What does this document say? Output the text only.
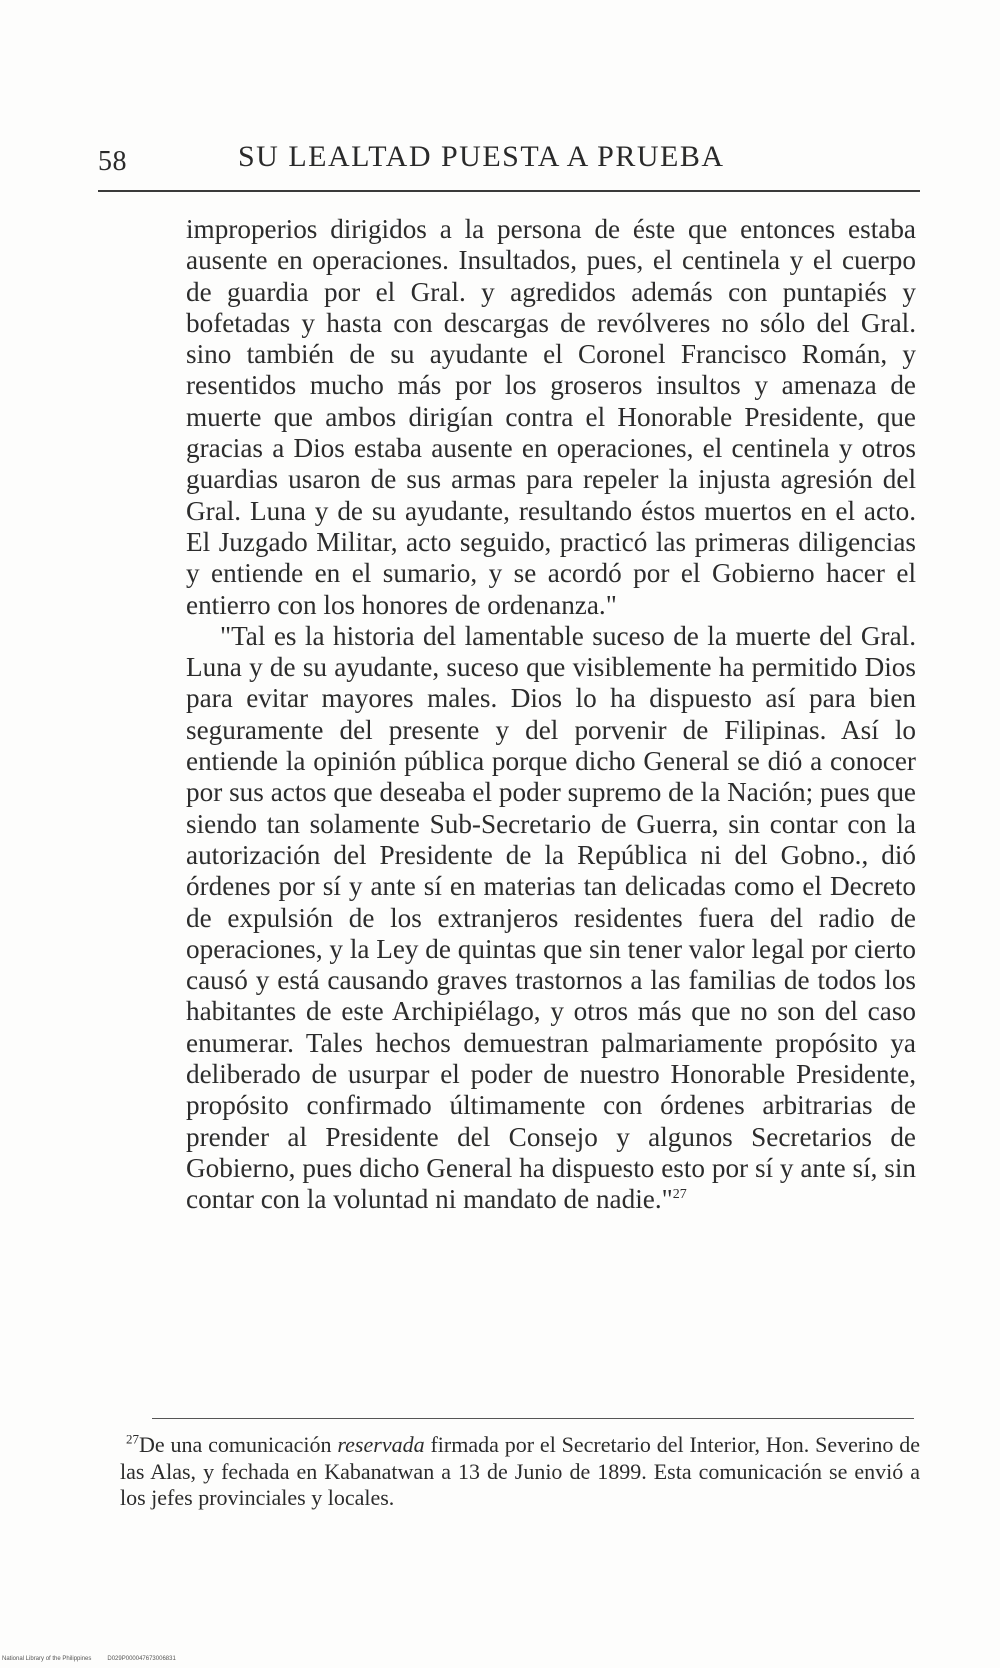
58	SU LEALTAD PUESTA A PRUEBA

improperios dirigidos a la persona de éste que entonces estaba ausente en operaciones. Insultados, pues, el centinela y el cuerpo de guardia por el Gral. y agredidos además con puntapiés y bofetadas y hasta con descargas de revólveres no sólo del Gral. sino también de su ayudante el Coronel Francisco Román, y resentidos mucho más por los groseros insultos y amenaza de muerte que ambos dirigían contra el Honorable Presidente, que gracias a Dios estaba ausente en operaciones, el centinela y otros guardias usaron de sus armas para repeler la injusta agresión del Gral. Luna y de su ayudante, resultando éstos muertos en el acto. El Juzgado Militar, acto seguido, practicó las primeras diligencias y entiende en el sumario, y se acordó por el Gobierno hacer el entierro con los honores de ordenanza."

"Tal es la historia del lamentable suceso de la muerte del Gral. Luna y de su ayudante, suceso que visiblemente ha permitido Dios para evitar mayores males. Dios lo ha dispuesto así para bien seguramente del presente y del porvenir de Filipinas. Así lo entiende la opinión pública porque dicho General se dió a conocer por sus actos que deseaba el poder supremo de la Nación; pues que siendo tan solamente Sub-Secretario de Guerra, sin contar con la autorización del Presidente de la República ni del Gobno., dió órdenes por sí y ante sí en materias tan delicadas como el Decreto de expulsión de los extranjeros residentes fuera del radio de operaciones, y la Ley de quintas que sin tener valor legal por cierto causó y está causando graves trastornos a las familias de todos los habitantes de este Archipiélago, y otros más que no son del caso enumerar. Tales hechos demuestran palmariamente propósito ya deliberado de usurpar el poder de nuestro Honorable Presidente, propósito confirmado últimamente con órdenes arbitrarias de prender al Presidente del Consejo y algunos Secretarios de Gobierno, pues dicho General ha dispuesto esto por sí y ante sí, sin contar con la voluntad ni mandato de nadie."$^{27}$

$^{27}$De una comunicación reservada firmada por el Secretario del Interior, Hon. Severino de las Alas, y fechada en Kabanatwan a 13 de Junio de 1899. Esta comunicación se envió a los jefes provinciales y locales.

National Library of the Philippines	D029P000047673006831
